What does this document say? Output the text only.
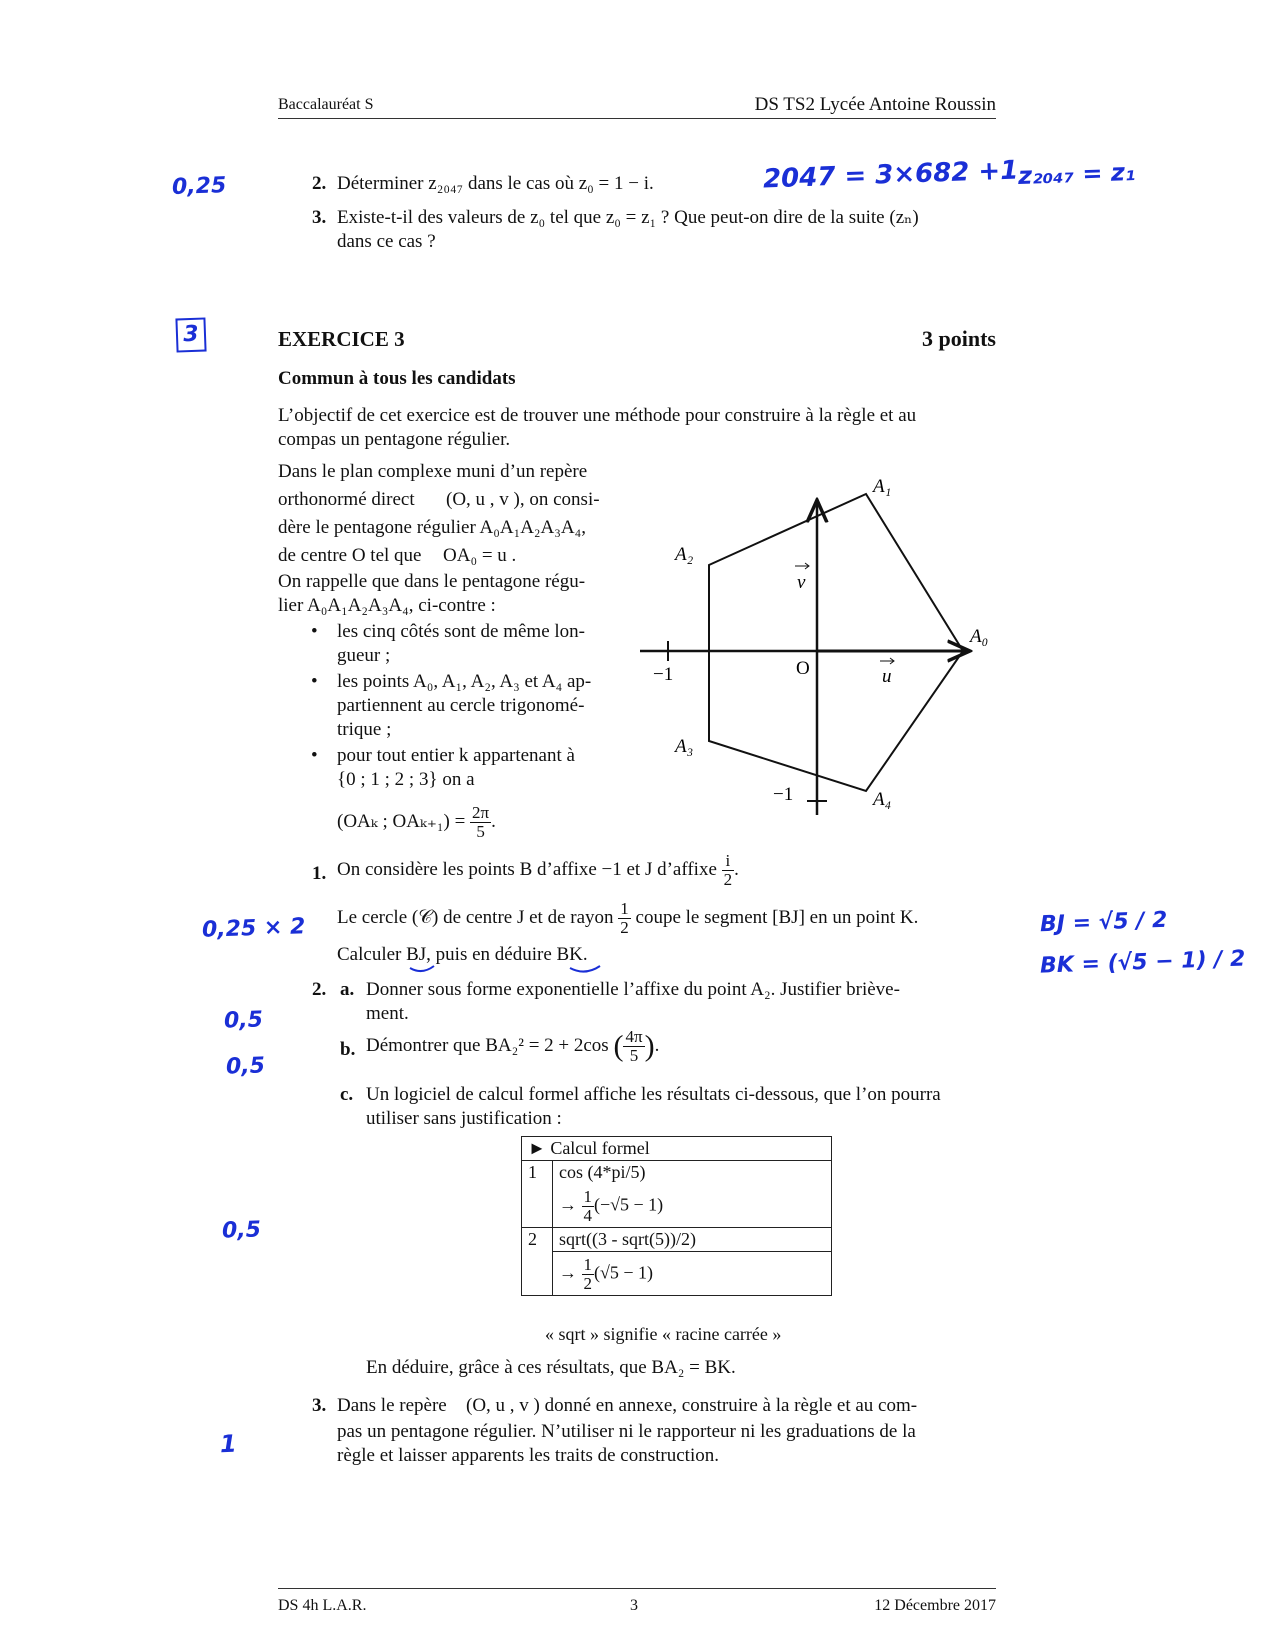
Baccalauréat S	DS TS2 Lycée Antoine Roussin
2. Déterminer z₂₀₄₇ dans le cas où z₀ = 1 − i.
3. Existe-t-il des valeurs de z₀ tel que z₀ = z₁ ? Que peut-on dire de la suite (zₙ)
dans ce cas ?
EXERCICE 3	3 points
Commun à tous les candidats
L’objectif de cet exercice est de trouver une méthode pour construire à la règle et au
compas un pentagone régulier.
Dans le plan complexe muni d’un repère
orthonormé direct (O, u , v ), on consi-
dère le pentagone régulier A₀A₁A₂A₃A₄,
de centre O tel que OA₀ = u .
On rappelle que dans le pentagone régu-
lier A₀A₁A₂A₃A₄, ci-contre :
• les cinq côtés sont de même lon-
gueur ;
• les points A₀, A₁, A₂, A₃ et A₄ ap-
partiennent au cercle trigonomé-
trique ;
• pour tout entier k appartenant à
{0 ; 1 ; 2 ; 3} on a
(OAₖ ; $OA_{k+1}) = \frac{2\pi}{5}$ .
A₁
A₂
A₀
A₃
A₄
O	u
v
−1
−1
1. On considère les points B d’affixe −1 et J d’affixe $\frac{i}{2}$ .
Le cercle (𝒞) de centre J et de rayon $\frac{1}{2}$ coupe le segment [BJ] en un point K.
Calculer BJ, puis en déduire BK.
2. a. Donner sous forme exponentielle l’affixe du point A₂. Justifier briève-
ment.
b. Démontrer que BA₂² = 2 + 2cos ( $\frac{4\pi}{5}$ ).
c. Un logiciel de calcul formel affiche les résultats ci-dessous, que l’on pourra
utiliser sans justification :
► Calcul formel	
1	cos (4*pi/5)
	→ $\frac{1}{4} (-√5 - 1)$
2	sqrt((3 - sqrt(5))/2)
	→ $\frac{1}{2} (√5 - 1)$
« sqrt » signifie « racine carrée »
En déduire, grâce à ces résultats, que BA₂ = BK.
3. Dans le repère (O, u , v ) donné en annexe, construire à la règle et au com-
pas un pentagone régulier. N’utiliser ni le rapporteur ni les graduations de la
règle et laisser apparents les traits de construction.
DS 4h L.A.R.	3	12 Décembre 2017
0,25	2047 = 3×682 +1
z₂₀₄₇ = z₁
3
0,25 × 2	BJ = √5 / 2
BK = (√5 − 1) / 2
0,5
0,5
0,5
1
